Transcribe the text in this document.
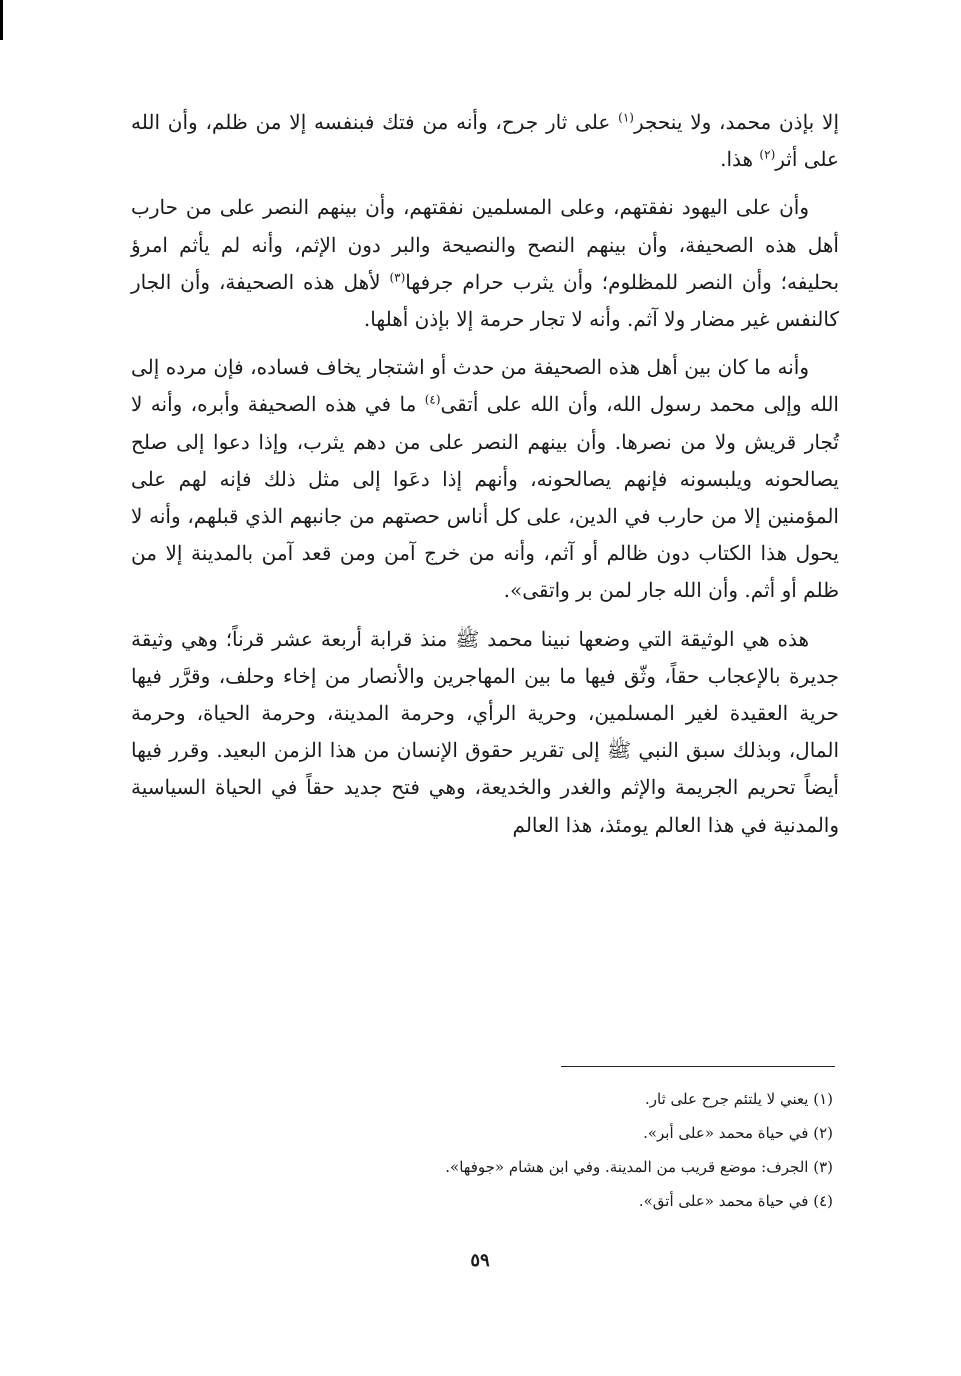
إلا بإذن محمد، ولا ينحجر$^{(١)}$ على ثار جرح، وأنه من فتك فبنفسه إلا من ظلم، وأن الله على أثر$^{(٢)}$ هذا.

وأن على اليهود نفقتهم، وعلى المسلمين نفقتهم، وأن بينهم النصر على من حارب أهل هذه الصحيفة، وأن بينهم النصح والنصيحة والبر دون الإثم، وأنه لم يأثم امرؤ بحليفه؛ وأن النصر للمظلوم؛ وأن يثرب حرام جرفها$^{(٣)}$ لأهل هذه الصحيفة، وأن الجار كالنفس غير مضار ولا آثم. وأنه لا تجار حرمة إلا بإذن أهلها.

وأنه ما كان بين أهل هذه الصحيفة من حدث أو اشتجار يخاف فساده، فإن مرده إلى الله وإلى محمد رسول الله، وأن الله على أتقى$^{(٤)}$ ما في هذه الصحيفة وأبره، وأنه لا تُجار قريش ولا من نصرها. وأن بينهم النصر على من دهم يثرب، وإذا دعوا إلى صلح يصالحونه ويلبسونه فإنهم يصالحونه، وأنهم إذا دعَوا إلى مثل ذلك فإنه لهم على المؤمنين إلا من حارب في الدين، على كل أناس حصتهم من جانبهم الذي قبلهم، وأنه لا يحول هذا الكتاب دون ظالم أو آثم، وأنه من خرج آمن ومن قعد آمن بالمدينة إلا من ظلم أو أثم. وأن الله جار لمن بر واتقى».

هذه هي الوثيقة التي وضعها نبينا محمد ﷺ منذ قرابة أربعة عشر قرناً؛ وهي وثيقة جديرة بالإعجاب حقاً، وثّق فيها ما بين المهاجرين والأنصار من إخاء وحلف، وقرَّر فيها حرية العقيدة لغير المسلمين، وحرية الرأي، وحرمة المدينة، وحرمة الحياة، وحرمة المال، وبذلك سبق النبي ﷺ إلى تقرير حقوق الإنسان من هذا الزمن البعيد. وقرر فيها أيضاً تحريم الجريمة والإثم والغدر والخديعة، وهي فتح جديد حقاً في الحياة السياسية والمدنية في هذا العالم يومئذ، هذا العالم

(١) يعني لا يلتئم جرح على ثار.

(٢) في حياة محمد «على أبر».

(٣) الجرف: موضع قريب من المدينة. وفي ابن هشام «جوفها».

(٤) في حياة محمد «على أتق».

٥٩
